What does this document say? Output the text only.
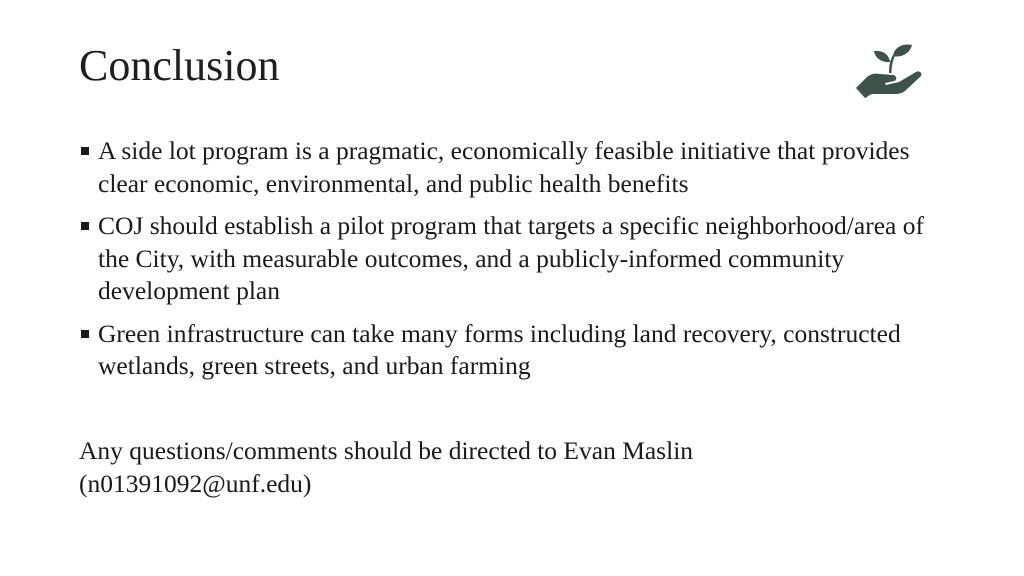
Conclusion
A side lot program is a pragmatic, economically feasible initiative that provides clear economic, environmental, and public health benefits
COJ should establish a pilot program that targets a specific neighborhood/area of  the City, with measurable outcomes, and a publicly-informed community development plan
Green infrastructure can take many forms including land recovery, constructed wetlands, green streets, and urban farming
Any questions/comments should be directed to Evan Maslin
(n01391092@unf.edu)
